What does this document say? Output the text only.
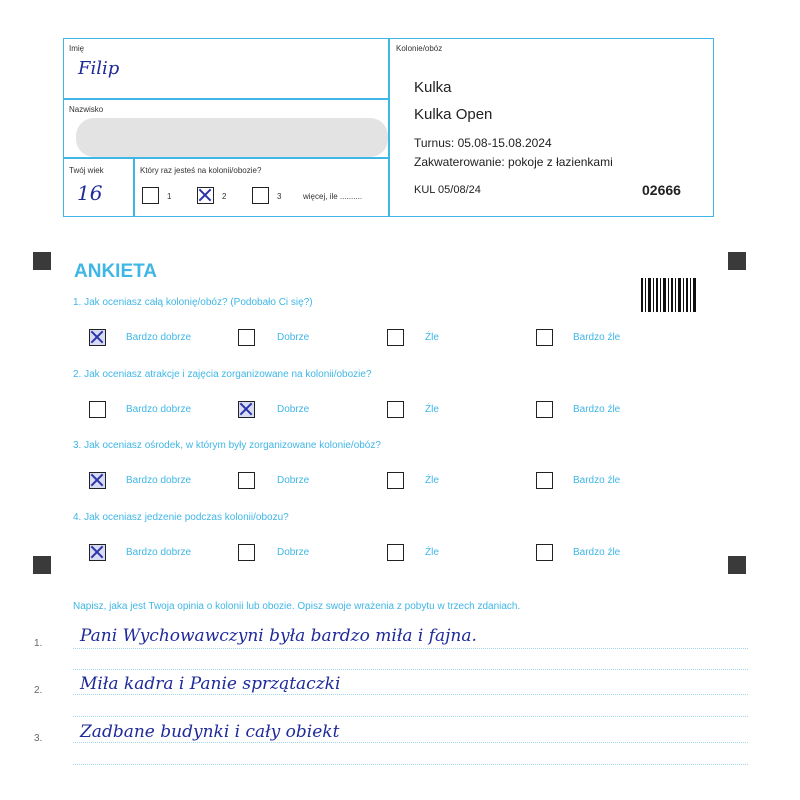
Imię
Filip
Nazwisko
Twój wiek
16
Który raz jesteś na kolonii/obozie?
1	2	3	więcej, ile ..........
Kolonie/obóz
Kulka
Kulka Open
Turnus: 05.08-15.08.2024
Zakwaterowanie: pokoje z łazienkami
KUL 05/08/24	02666
ANKIETA
1. Jak oceniasz całą kolonię/obóz? (Podobało Ci się?)
Bardzo dobrze	Dobrze	Źle	Bardzo źle
2. Jak oceniasz atrakcje i zajęcia zorganizowane na kolonii/obozie?
Bardzo dobrze	Dobrze	Źle	Bardzo źle
3. Jak oceniasz ośrodek, w którym były zorganizowane kolonie/obóz?
Bardzo dobrze	Dobrze	Źle	Bardzo źle
4. Jak oceniasz jedzenie podczas kolonii/obozu?
Bardzo dobrze	Dobrze	Źle	Bardzo źle
Napisz, jaka jest Twoja opinia o kolonii lub obozie. Opisz swoje wrażenia z pobytu w trzech zdaniach.
1. Pani Wychowawczyni była bardzo miła i fajna.
2. Miła kadra i Panie sprzątaczki
3. Zadbane budynki i cały obiekt
